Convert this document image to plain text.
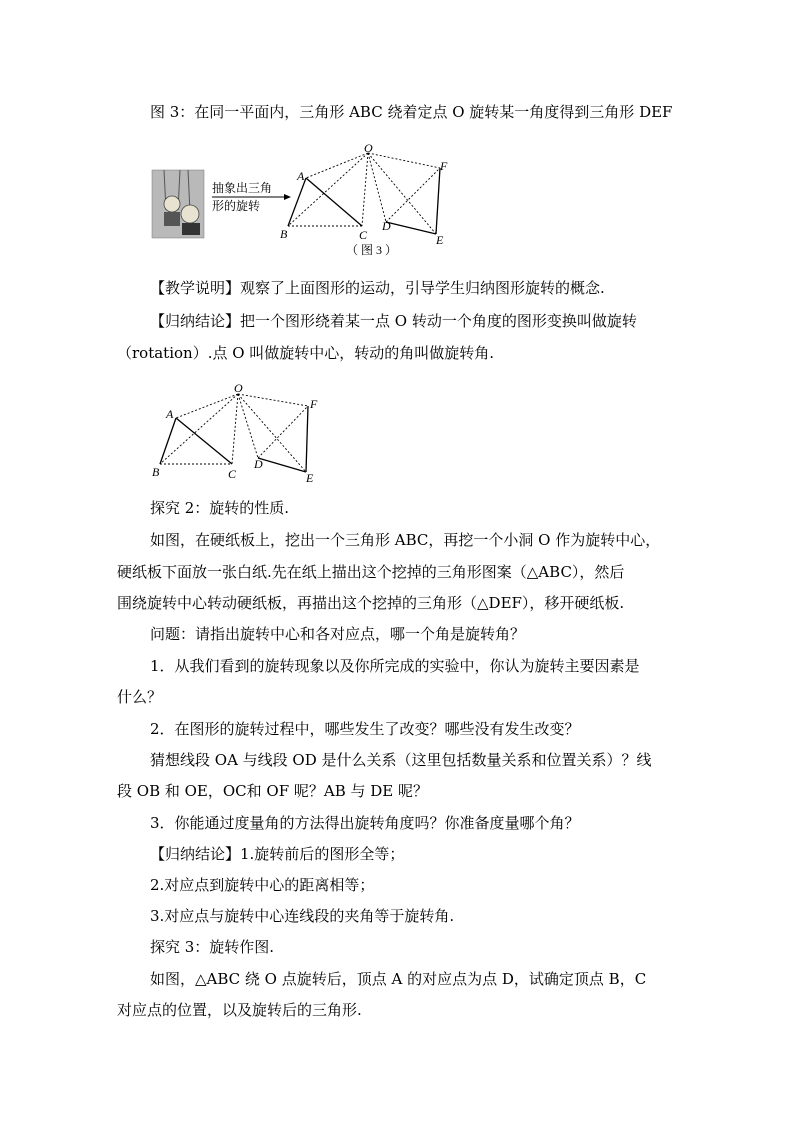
图 3：在同一平面内，三角形 ABC 绕着定点 O 旋转某一角度得到三角形 DEF
抽象出三角
形的旋转
O
A
B	C
D
E
F
（ 图 3 ）
【教学说明】观察了上面图形的运动，引导学生归纳图形旋转的概念.
【归纳结论】把一个图形绕着某一点 O 转动一个角度的图形变换叫做旋转
（rotation）.点 O 叫做旋转中心，转动的角叫做旋转角.
O
A
B	C
D
E
F
探究 2：旋转的性质.
如图，在硬纸板上，挖出一个三角形 ABC，再挖一个小洞 O 作为旋转中心，
硬纸板下面放一张白纸.先在纸上描出这个挖掉的三角形图案（△ABC），然后
围绕旋转中心转动硬纸板，再描出这个挖掉的三角形（△DEF），移开硬纸板.
问题：请指出旋转中心和各对应点，哪一个角是旋转角？
1．从我们看到的旋转现象以及你所完成的实验中，你认为旋转主要因素是
什么？
2．在图形的旋转过程中，哪些发生了改变？哪些没有发生改变？
猜想线段 OA 与线段 OD 是什么关系（这里包括数量关系和位置关系）？线
段 OB 和 OE，OC和 OF 呢？AB 与 DE 呢？
3．你能通过度量角的方法得出旋转角度吗？你准备度量哪个角？
【归纳结论】1.旋转前后的图形全等；
2.对应点到旋转中心的距离相等；
3.对应点与旋转中心连线段的夹角等于旋转角.
探究 3：旋转作图.
如图，△ABC 绕 O 点旋转后，顶点 A 的对应点为点 D，试确定顶点 B，C
对应点的位置，以及旋转后的三角形.
